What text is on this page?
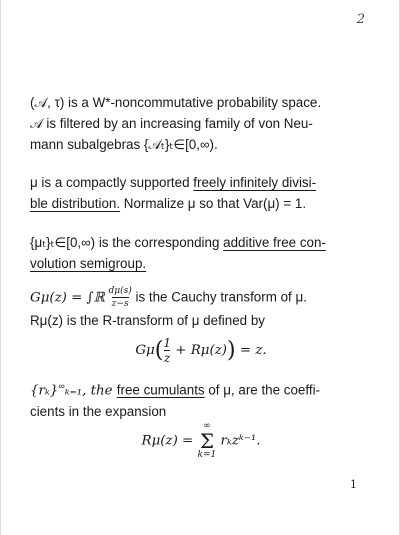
2
(𝒜, τ) is a W*-noncommutative probability space.
𝒜 is filtered by an increasing family of von Neu-
mann subalgebras {𝒜ₜ}ₜ∈[0,∞).
μ is a compactly supported freely infinitely divisi-
ble distribution. Normalize μ so that Var(μ) = 1.
{μₜ}ₜ∈[0,∞) is the corresponding additive free con-
volution semigroup.
Gμ(z) = ∫ℝ $\frac{d\mu(s)}{z-s}$ is the Cauchy transform of μ.
Rμ(z) is the R-transform of μ defined by
$G\mu( \frac{1}{z} + R\mu(z)) = z$.
{rₖ}∞ₖ₌₁, the free cumulants of μ, are the coeffi-
cients in the expansion
Rμ(z) =
∞
Σ
k=1
rₖzᵏ⁻¹.
1
